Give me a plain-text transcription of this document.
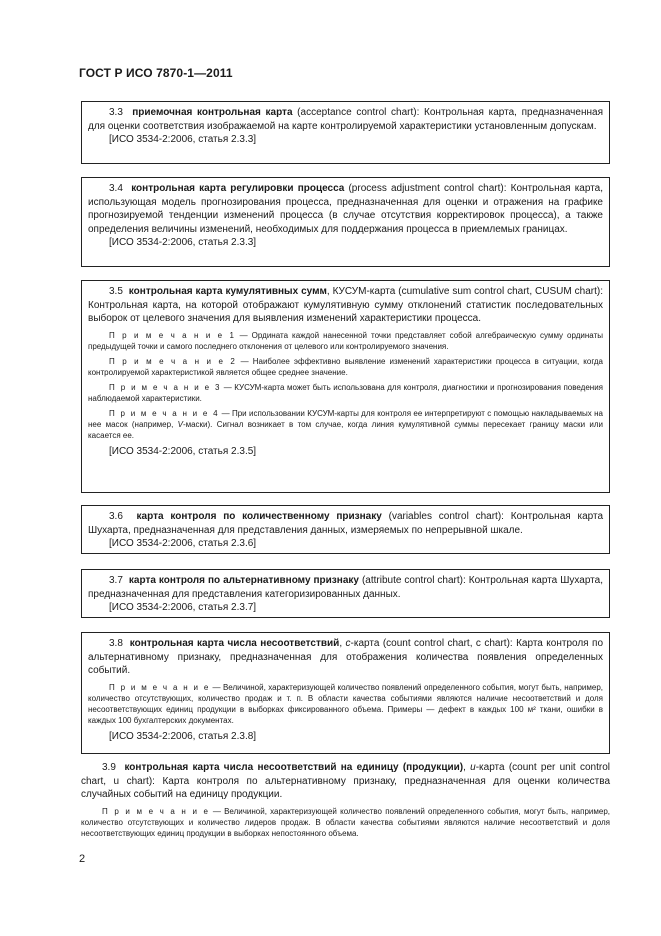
ГОСТ Р ИСО 7870-1—2011

3.3 приемочная контрольная карта (acceptance control chart): Контрольная карта, предназначенная для оценки соответствия изображаемой на карте контролируемой характеристики установленным допускам.

[ИСО 3534-2:2006, статья 2.3.3]

3.4 контрольная карта регулировки процесса (process adjustment control chart): Контрольная карта, использующая модель прогнозирования процесса, предназначенная для оценки и отражения на графике прогнозируемой тенденции изменений процесса (в случае отсутствия корректировок процесса), а также определения величины изменений, необходимых для поддержания процесса в приемлемых границах.

[ИСО 3534-2:2006, статья 2.3.3]

3.5 контрольная карта кумулятивных сумм, КУСУМ-карта (cumulative sum control chart, CUSUM chart): Контрольная карта, на которой отображают кумулятивную сумму отклонений статистик последовательных выборок от целевого значения для выявления изменений характеристики процесса.

П р и м е ч а н и е 1 — Ордината каждой нанесенной точки представляет собой алгебраическую сумму ординаты предыдущей точки и самого последнего отклонения от целевого или контролируемого значения.

П р и м е ч а н и е 2 — Наиболее эффективно выявление изменений характеристики процесса в ситуации, когда контролируемой характеристикой является общее среднее значение.

П р и м е ч а н и е 3 — КУСУМ-карта может быть использована для контроля, диагностики и прогнозирования поведения наблюдаемой характеристики.

П р и м е ч а н и е 4 — При использовании КУСУМ-карты для контроля ее интерпретируют с помощью накладываемых на нее масок (например, V-маски). Сигнал возникает в том случае, когда линия кумулятивной суммы пересекает границу маски или касается ее.

[ИСО 3534-2:2006, статья 2.3.5]

3.6 карта контроля по количественному признаку (variables control chart): Контрольная карта Шухарта, предназначенная для представления данных, измеряемых по непрерывной шкале.

[ИСО 3534-2:2006, статья 2.3.6]

3.7 карта контроля по альтернативному признаку (attribute control chart): Контрольная карта Шухарта, предназначенная для представления категоризированных данных.

[ИСО 3534-2:2006, статья 2.3.7]

3.8 контрольная карта числа несоответствий, c-карта (count control chart, c chart): Карта контроля по альтернативному признаку, предназначенная для отображения количества появления определенных событий.

П р и м е ч а н и е — Величиной, характеризующей количество появлений определенного события, могут быть, например, количество отсутствующих, количество продаж и т. п. В области качества событиями являются наличие несоответствий и доля несоответствующих единиц продукции в выборках фиксированного объема. Примеры — дефект в каждых 100 м² ткани, ошибки в каждых 100 бухгалтерских документах.

[ИСО 3534-2:2006, статья 2.3.8]

3.9 контрольная карта числа несоответствий на единицу (продукции), u-карта (count per unit control chart, u chart): Карта контроля по альтернативному признаку, предназначенная для оценки количества случайных событий на единицу продукции.

П р и м е ч а н и е — Величиной, характеризующей количество появлений определенного события, могут быть, например, количество отсутствующих и количество лидеров продаж. В области качества событиями являются наличие несоответствий и доля несоответствующих единиц продукции в выборках непостоянного объема.

2
